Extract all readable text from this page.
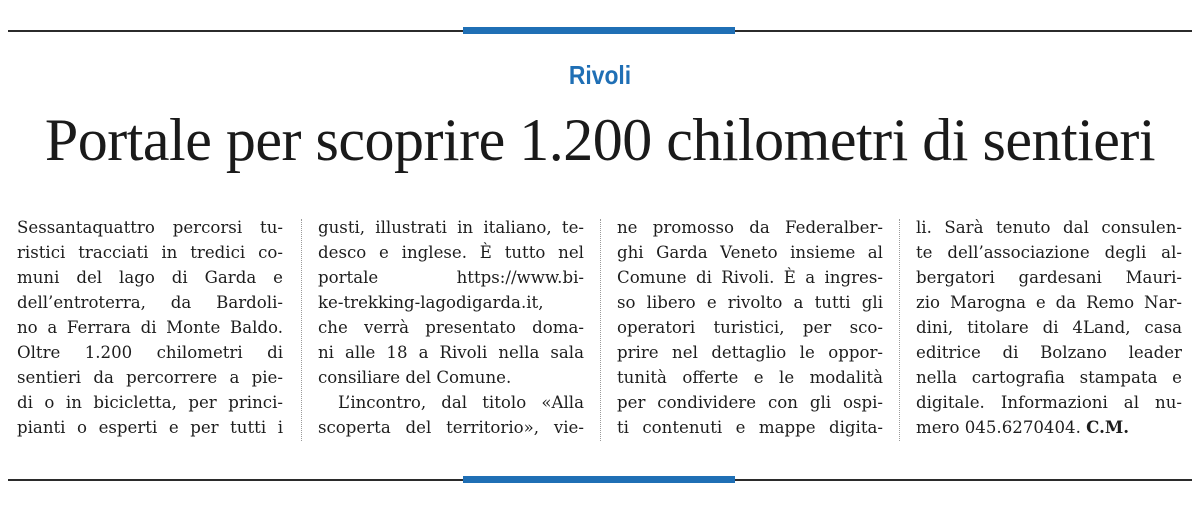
Rivoli
Portale per scoprire 1.200 chilometri di sentieri
Sessantaquattro percorsi tu-
ristici tracciati in tredici co-
muni del lago di Garda e
dell’entroterra, da Bardoli-
no a Ferrara di Monte Baldo.
Oltre 1.200 chilometri di
sentieri da percorrere a pie-
di o in bicicletta, per princi-
pianti o esperti e per tutti i
gusti, illustrati in italiano, te-
desco e inglese. È tutto nel
portale https://www.bi-
ke-trekking-lagodigarda.it,
che verrà presentato doma-
ni alle 18 a Rivoli nella sala
consiliare del Comune.
L’incontro, dal titolo «Alla
scoperta del territorio», vie-
ne promosso da Federalber-
ghi Garda Veneto insieme al
Comune di Rivoli. È a ingres-
so libero e rivolto a tutti gli
operatori turistici, per sco-
prire nel dettaglio le oppor-
tunità offerte e le modalità
per condividere con gli ospi-
ti contenuti e mappe digita-
li. Sarà tenuto dal consulen-
te dell’associazione degli al-
bergatori gardesani Mauri-
zio Marogna e da Remo Nar-
dini, titolare di 4Land, casa
editrice di Bolzano leader
nella cartografia stampata e
digitale. Informazioni al nu-
mero 045.6270404. C.M.
